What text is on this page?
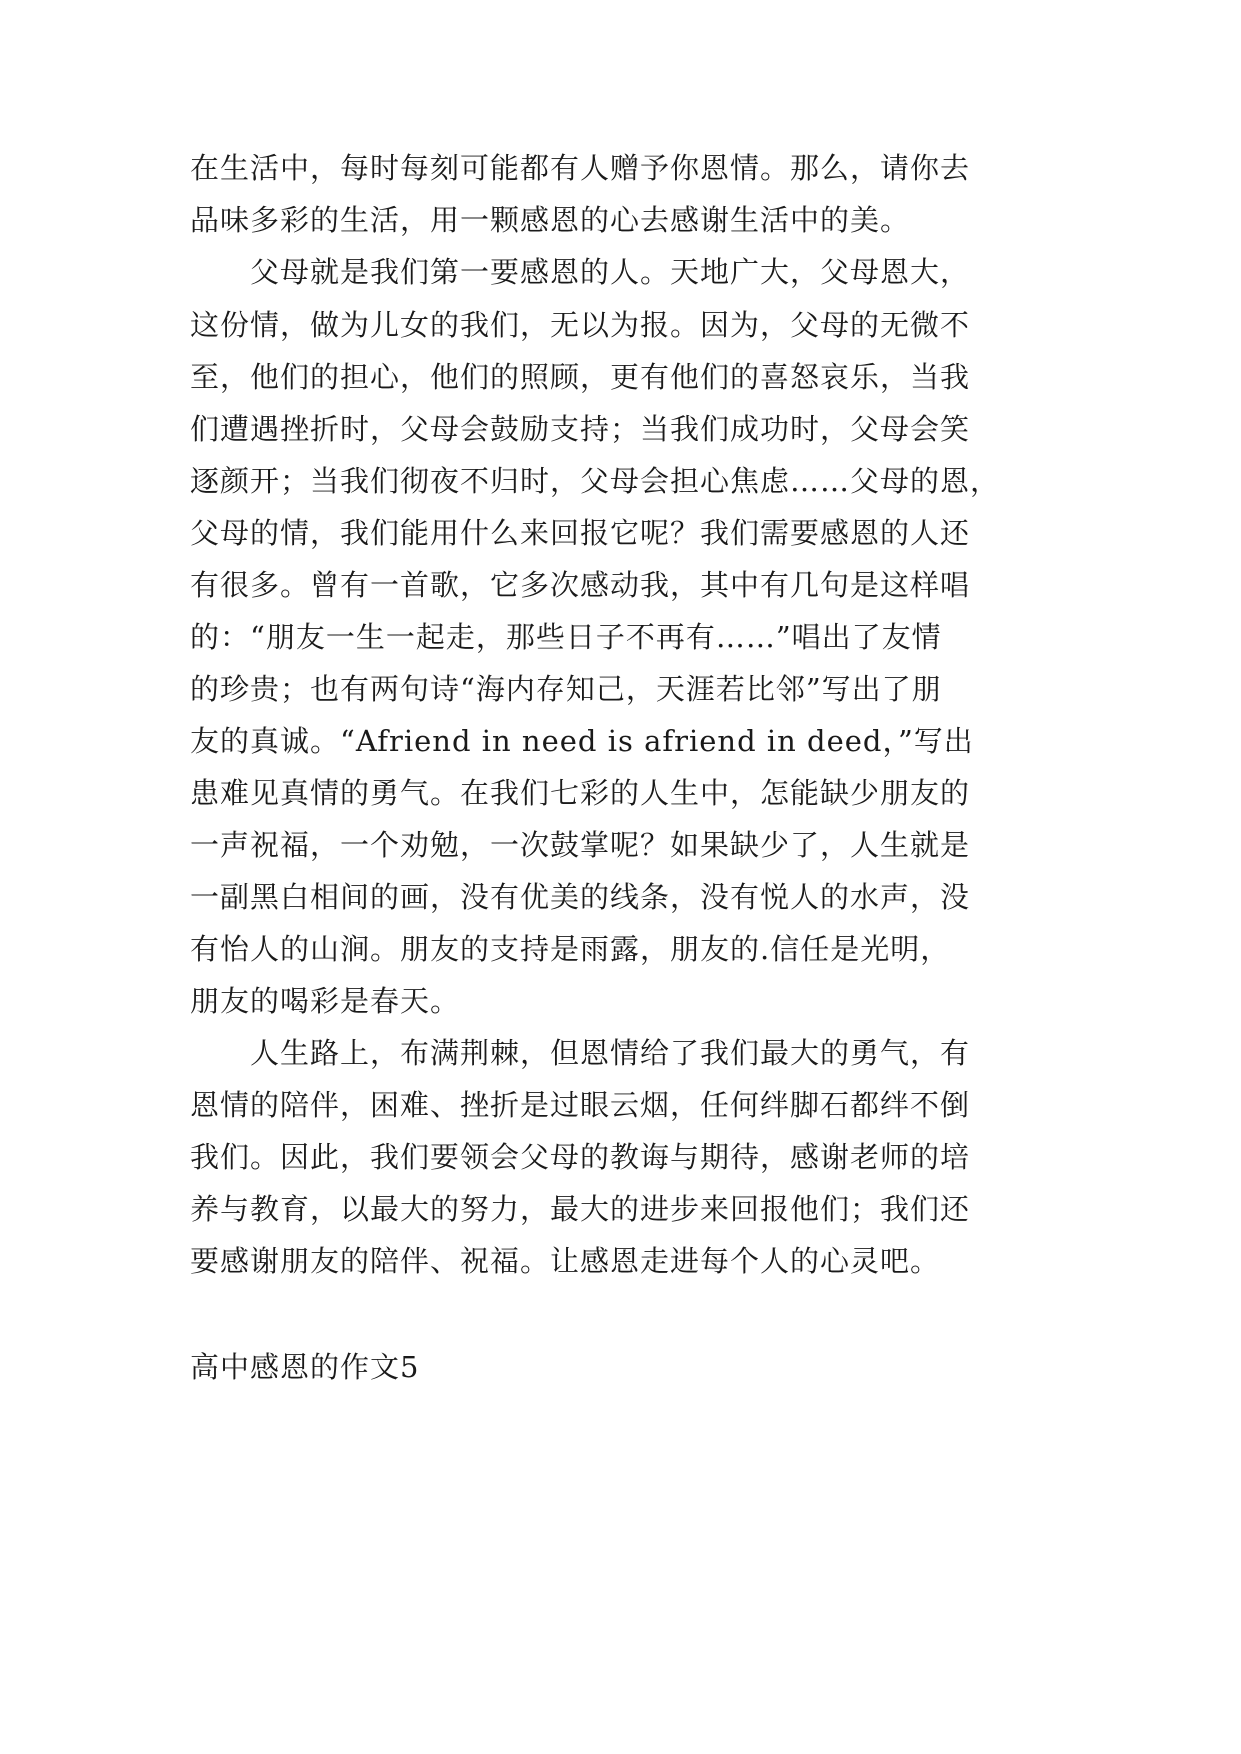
在生活中，每时每刻可能都有人赠予你恩情。那么，请你去
品味多彩的生活，用一颗感恩的心去感谢生活中的美。
　　父母就是我们第一要感恩的人。天地广大，父母恩大，
这份情，做为儿女的我们，无以为报。因为，父母的无微不
至，他们的担心，他们的照顾，更有他们的喜怒哀乐，当我
们遭遇挫折时，父母会鼓励支持；当我们成功时，父母会笑
逐颜开；当我们彻夜不归时，父母会担心焦虑……父母的恩，
父母的情，我们能用什么来回报它呢？我们需要感恩的人还
有很多。曾有一首歌，它多次感动我，其中有几句是这样唱
的：“朋友一生一起走，那些日子不再有……”唱出了友情
的珍贵；也有两句诗“海内存知己，天涯若比邻”写出了朋
友的真诚。“Afriend in need is afriend in deed，”写出
患难见真情的勇气。在我们七彩的人生中，怎能缺少朋友的
一声祝福，一个劝勉，一次鼓掌呢？如果缺少了，人生就是
一副黑白相间的画，没有优美的线条，没有悦人的水声，没
有怡人的山涧。朋友的支持是雨露，朋友的.信任是光明，
朋友的喝彩是春天。
　　人生路上，布满荆棘，但恩情给了我们最大的勇气，有
恩情的陪伴，困难、挫折是过眼云烟，任何绊脚石都绊不倒
我们。因此，我们要领会父母的教诲与期待，感谢老师的培
养与教育，以最大的努力，最大的进步来回报他们；我们还
要感谢朋友的陪伴、祝福。让感恩走进每个人的心灵吧。
高中感恩的作文5
